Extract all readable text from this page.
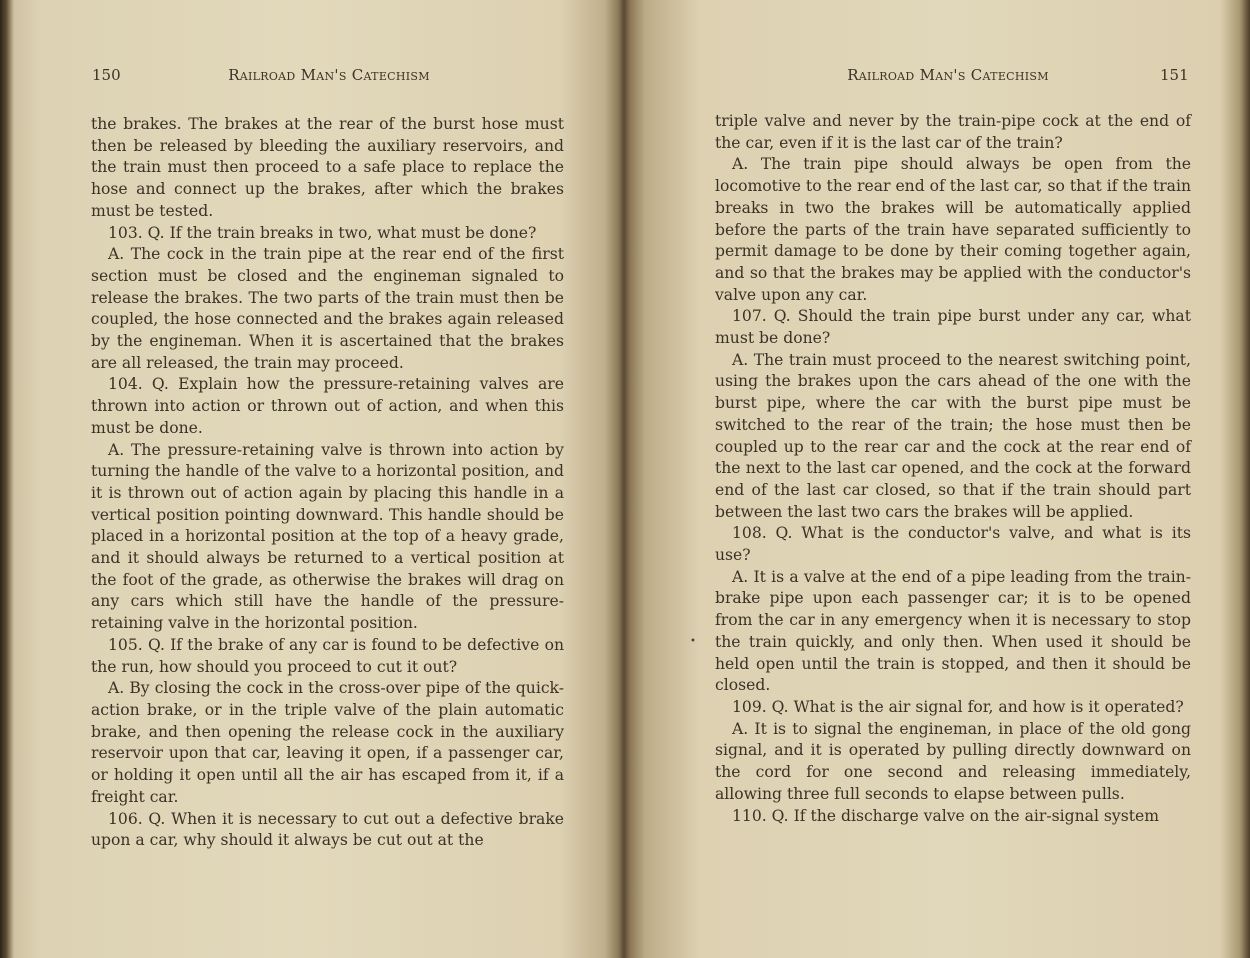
150	Railroad Man's Catechism

the brakes. The brakes at the rear of the burst hose must then be released by bleeding the auxiliary reservoirs, and the train must then proceed to a safe place to replace the hose and connect up the brakes, after which the brakes must be tested.

103. Q. If the train breaks in two, what must be done?

A. The cock in the train pipe at the rear end of the first section must be closed and the engineman signaled to release the brakes. The two parts of the train must then be coupled, the hose connected and the brakes again released by the engineman. When it is ascertained that the brakes are all released, the train may proceed.

104. Q. Explain how the pressure-retaining valves are thrown into action or thrown out of action, and when this must be done.

A. The pressure-retaining valve is thrown into action by turning the handle of the valve to a horizontal position, and it is thrown out of action again by placing this handle in a vertical position pointing downward. This handle should be placed in a horizontal position at the top of a heavy grade, and it should always be returned to a vertical position at the foot of the grade, as otherwise the brakes will drag on any cars which still have the handle of the pressure-retaining valve in the horizontal position.

105. Q. If the brake of any car is found to be defective on the run, how should you proceed to cut it out?

A. By closing the cock in the cross-over pipe of the quick-action brake, or in the triple valve of the plain automatic brake, and then opening the release cock in the auxiliary reservoir upon that car, leaving it open, if a passenger car, or holding it open until all the air has escaped from it, if a freight car.

106. Q. When it is necessary to cut out a defective brake upon a car, why should it always be cut out at the

Railroad Man's Catechism	151
•

triple valve and never by the train-pipe cock at the end of the car, even if it is the last car of the train?

A. The train pipe should always be open from the locomotive to the rear end of the last car, so that if the train breaks in two the brakes will be automatically applied before the parts of the train have separated sufficiently to permit damage to be done by their coming together again, and so that the brakes may be applied with the conductor's valve upon any car.

107. Q. Should the train pipe burst under any car, what must be done?

A. The train must proceed to the nearest switching point, using the brakes upon the cars ahead of the one with the burst pipe, where the car with the burst pipe must be switched to the rear of the train; the hose must then be coupled up to the rear car and the cock at the rear end of the next to the last car opened, and the cock at the forward end of the last car closed, so that if the train should part between the last two cars the brakes will be applied.

108. Q. What is the conductor's valve, and what is its use?

A. It is a valve at the end of a pipe leading from the train-brake pipe upon each passenger car; it is to be opened from the car in any emergency when it is necessary to stop the train quickly, and only then. When used it should be held open until the train is stopped, and then it should be closed.

109. Q. What is the air signal for, and how is it operated?

A. It is to signal the engineman, in place of the old gong signal, and it is operated by pulling directly downward on the cord for one second and releasing immediately, allowing three full seconds to elapse between pulls.

110. Q. If the discharge valve on the air-signal system
